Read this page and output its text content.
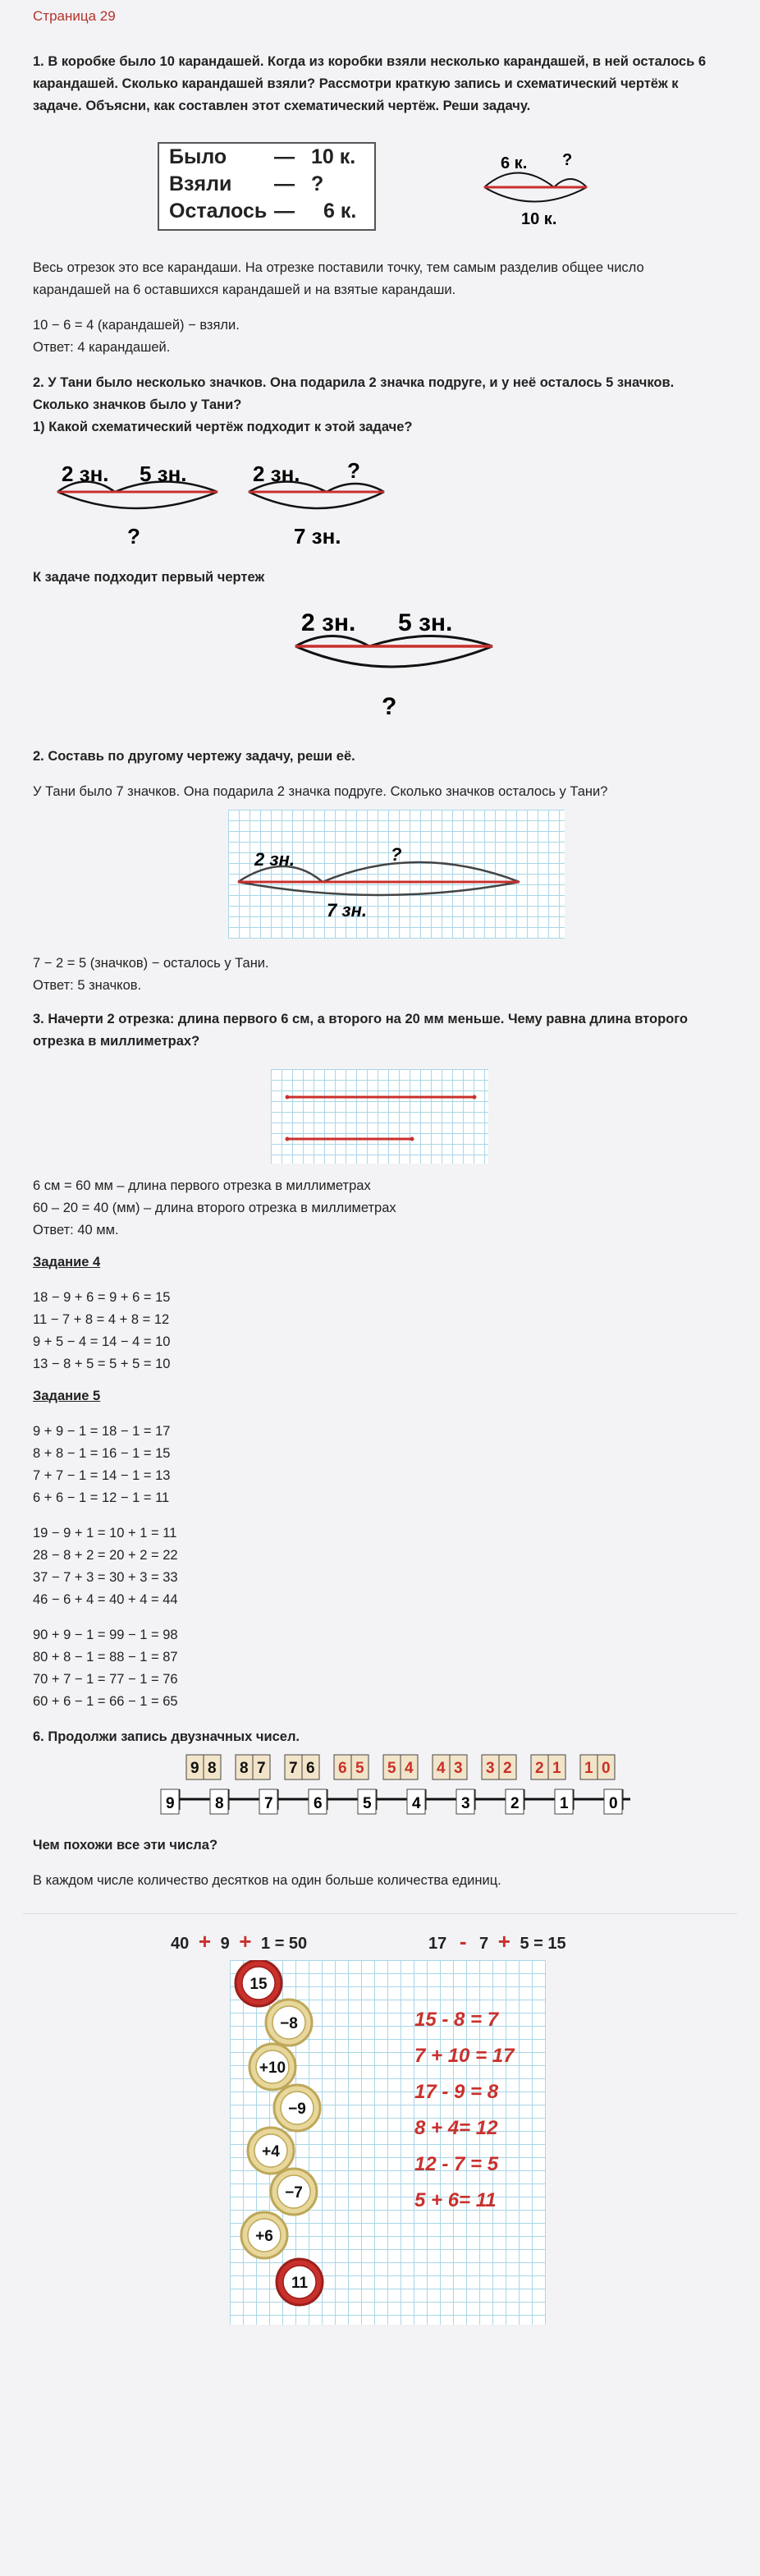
Страница 29

1. В коробке было 10 карандашей. Когда из коробки взяли несколько карандашей, в ней осталось 6 карандашей. Сколько карандашей взяли? Рассмотри краткую запись и схематический чертёж к задаче. Объясни, как составлен этот схематический чертёж. Реши задачу.

Было — 10 к.
Взяли — ?
Осталось — 6 к.
6 к. ?
10 к.

Весь отрезок это все карандаши. На отрезке поставили точку, тем самым разделив общее число карандашей на 6 оставшихся карандашей и на взятые карандаши.

10 − 6 = 4 (карандашей) − взяли.

Ответ: 4 карандашей.

2. У Тани было несколько значков. Она подарила 2 значка подруге, и у неё осталось 5 значков. Сколько значков было у Тани?

1) Какой схематический чертёж подходит к этой задаче?

2 зн. 5 зн.
?
2 зн. ?
7 зн.

К задаче подходит первый чертеж

2 зн. 5 зн.
?

2. Составь по другому чертежу задачу, реши её.

У Тани было 7 значков. Она подарила 2 значка подруге. Сколько значков осталось у Тани?

2 зн.	?
7 зн.

7 − 2 = 5 (значков) − осталось у Тани.

Ответ: 5 значков.

3. Начерти 2 отрезка: длина первого 6 см, а второго на 20 мм меньше. Чему равна длина второго отрезка в миллиметрах?

6 см = 60 мм – длина первого отрезка в миллиметрах

60 – 20 = 40 (мм) – длина второго отрезка в миллиметрах

Ответ: 40 мм.

Задание 4

18 − 9 + 6 = 9 + 6 = 15

11 − 7 + 8 = 4 + 8 = 12

9 + 5 − 4 = 14 − 4 = 10

13 − 8 + 5 = 5 + 5 = 10

Задание 5

9 + 9 − 1 = 18 − 1 = 17

8 + 8 − 1 = 16 − 1 = 15

7 + 7 − 1 = 14 − 1 = 13

6 + 6 − 1 = 12 − 1 = 11

19 − 9 + 1 = 10 + 1 = 11

28 − 8 + 2 = 20 + 2 = 22

37 − 7 + 3 = 30 + 3 = 33

46 − 6 + 4 = 40 + 4 = 44

90 + 9 − 1 = 99 − 1 = 98

80 + 8 − 1 = 88 − 1 = 87

70 + 7 − 1 = 77 − 1 = 76

60 + 6 − 1 = 66 − 1 = 65

6. Продолжи запись двузначных чисел.

9	8	7	6	5	4	3	2	1	0
9 8 8 7 7 6 6 5 5 4 4 3 3 2 2 1 1 0

Чем похожи все эти числа?

В каждом числе количество десятков на один больше количества единиц.

40 + 9 + 1 = 50	17 - 7 + 5 = 15
15
−8
+10
−9
+4
−7
+6
11
15 - 8 = 7
7 + 10 = 17
17 - 9 = 8
8 + 4= 12
12 - 7 = 5
5 + 6= 11
